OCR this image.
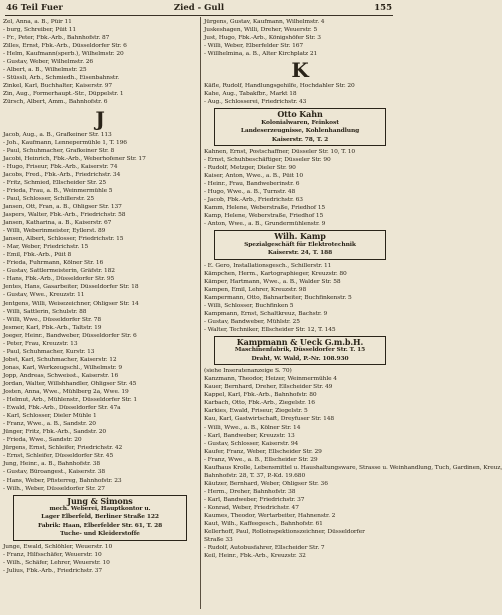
46 Teil Fuer	Zied - Gull	155
Zel, Anna, a. B., Püir 11
- burg, Schreiber, Püit 11
- Fr., Peter, Fbk.-Arb., Bahnhofstr. 87
Zilles, Ernst, Fbk.-Arb., Düsseldorfer Str. 6
- Helm, Kaufmann(sperb.), Wilhelmstr. 20
- Gustav, Weber, Wilhelmstr. 26
- Albert, a. B., Wilhelmstr. 25
- Stüssli, Arb., Schmiedh., Eisenbahnstr.
Zinkel, Karl, Buchhalter, Kaiserstr. 97
Zin, Aug., Formerhaupt.-Str., Düppelstr. 1
Zürsch, Albert, Amm., Bahnhofstr. 6
J
Jacob, Aug., a. B., Grafkeiner Str. 113
- Joh., Kaufmann, Lennepermühle 1, T. 196
- Paul, Schuhmacher, Grafkeiner Str. 8
Jacobi, Heinrich, Fbk.-Arb., Weberhofener Str. 17
- Hugo, Friseur, Fbk.-Arb., Kaiserstr. 74
Jacobs, Fred., Fbk.-Arb., Friedrichstr. 34
- Fritz, Schmied, Ellscheider Str. 25
- Frieda, Frau, a. B., Weinmermühle 5
- Paul, Schlosser, Schillerstr. 25
Jansen, Ott, Fran, a. B., Ohligser Str. 137
Jaspers, Walter, Fbk.-Arb., Friedrichstr. 58
Jansen, Katharina, a. B., Kaiserstr. 67
- Willi, Weberinmeister, Eyllerst. 89
Jansen, Albert, Schlosser, Friedrichstr. 15
- Mar, Weber, Friedrichstr. 15
- Emil, Fbk.-Arb., Püit 8
- Frieda, Fuhrmann, Kölner Str. 16
- Gustav, Sattlermeisterin, Gräfstr. 182
- Hans, Fbk.-Arb., Düsseldorfer Str. 95
Jentes, Hans, Gasarbeiter, Düsseldorfer Str. 18
- Gustav, Wwe., Kreuzstr. 11
Jentgens, Willi, Weisezeichner, Ohligser Str. 14
- Willi, Sattlerin, Schulstr. 88
- Willi, Wwe., Düsseldorfer Str. 78
Jesmer, Karl, Fbk.-Arb., Taltstr. 19
Joeger, Heinr., Bandweber, Düsseldorfer Str. 6
- Peter, Frau, Kreuzstr. 13
- Paul, Schuhmacher, Kurstr. 13
Jobst, Karl, Schuhmacher, Kaiserstr. 12
Jonas, Karl, Werkzeugschl., Wilhelmstr. 9
Jopp, Andreas, Schweisst., Kaiserstr. 16
Jordan, Walter, Willshhandler, Ohligser Str. 45
Josten, Anna, Wwe., Mühlberg 2a, Wwe. 19
- Helmut, Arb., Mühlenstr., Düsseldorfer Str. 1
- Ewald, Fbk.-Arb., Düsseldorfer Str. 47a
- Karl, Schlosser, Dieler Mühle 1
- Franz, Wwe., a. B., Sandstr. 20
Jünger, Fritz, Fbk.-Arb., Sandstr. 20
- Frieda, Wwe., Sandstr. 20
Jürgens, Ernst, Schleifer, Friedrichstr. 42
- Ernst, Schleifer, Düsseldorfer Str. 45
Jung, Heinr., a. B., Bahnhofstr. 38
- Gustav, Büroangest., Kaiserstr. 38
- Hans, Weber, Pfisterreg, Bahnhofstr. 23
- Wilh., Weber, Düsseldorfer Str. 27
Jung & Simons
mech. Weberei, Hauptkontor u.
Lager Elberfeld, Berliner Straße 122
Fabrik: Haan, Elberfelder Str. 61, T. 28
Tuche- und Kleiderstoffe
Junge, Ewald, Schlöhler, Weuerstr. 10
- Franz, Hilfsschäfer, Weuerstr. 10
- Wilh., Schäfer, Lehrer, Weuerstr. 10
- Julius, Fbk.-Arb., Friedrichstr. 37
Jürgens, Gustav, Kaufmann, Wilhelmstr. 4
Juskeshagen, Willi, Dreher, Weuerstr. 5
Just, Hugo, Fbk.-Arb., Königshöfer Str. 3
- Willi, Weber, Elberfelder Str. 167
- Willhelmina, a. B., Alter Kirchplatz 21
K
Käfle, Rudolf, Handlungsgehilfe, Hochdahler Str. 20
Kahe, Aug., Tabakfbr., Markt 18
- Aug., Schlosserei, Friedrichstr. 43
Otto Kahn
Kolonialwaren, Feinkost
Landeserzeugnisse, Kohlenhandlung
Kaiserstr. 78, T. 2
Kahnen, Ernst, Postschaffner, Düsseler Str. 10, T. 10
- Ernst, Schuhbeschäftiger, Düsseler Str. 90
- Rudolf, Metzger, Dieler Str. 90
Kaiser, Anton, Wwe., a. B., Püit 10
- Heinr., Frau, Bandweberinstr. 6
- Hugo, Wwe., a. B., Turnstr. 48
- Jacob, Fbk.-Arb., Friedrichstr. 63
Kamm, Helene, Weberstraße, Friedhof 15
Kamp, Helene, Weberstraße, Friedhof 15
- Anton, Wwe., a. B., Grundermühlenstr. 9
Wilh. Kamp
Spezialgeschäft für Elektrotechnik
Kaiserstr. 24, T. 188
- E. Gero, Installationsgesch., Schillerstr. 11
Kämpchen, Herm., Kartographieger, Kreuzstr. 80
Kämper, Hartmann, Wwe., a. B., Walder Str. 58
Kampen, Emil, Lehrer, Kreuzstr. 98
Kampermann, Otto, Bahnarbeiter, Buchfinkenstr. 5
- Willi, Schlosser, Buchfinken 5
Kampmann, Ernst, Schaltkreuz, Bachstr. 9
- Gustav, Bandweber, Mühlstr. 25
- Walter, Techniker, Ellscheider Str. 12, T. 145
Kampmann & Ueck G.m.b.H.
Maschinenfabrik, Düsseldorfer Str. T. 15
Draht, W. Wald, P.-Nr. 108.930
(siehe Inseratenanzeige S. 70)
Kanzmann, Theodor, Heizer, Weinmermühle 4
Kauer, Bernhard, Dreher, Ellscheider Str. 49
Kappel, Karl, Fbk.-Arb., Bahnhofstr. 80
Karbach, Otto, Fbk.-Arb., Ziegelstr. 16
Karkies, Ewald, Friseur, Ziegelstr. 5
Kau, Karl, Gastwirtschaft, Dreyfuser Str. 148
- Willi, Wwe., a. B., Kölner Str. 14
- Karl, Bandweber, Kreuzstr. 13
- Gustav, Schlosser, Kaiserstr. 94
Kaufer, Franz, Weber, Ellscheider Str. 29
- Franz, Wwe., a. B., Ellscheider Str. 29
Kaufhaus Krolle, Lebensmittel u. Haushaltungsware, Strasse u. Weinhandlung, Tuch, Gardinen, Kreuz,
Bahnhofstr. 28, T. 37, P.-Kd. 19.680
Käutzer, Bernhard, Weber, Ohligser Str. 36
- Herm., Dreher, Bahnhofstr. 38
- Karl, Bandweber, Friedrichstr. 37
- Konrad, Weber, Friedrichstr. 47
Kaumes, Theodor, Wertarbeiter, Hahnenstr. 2
Kaut, Wilh., Kaffeegesch., Bahnhofstr. 61
Kellerhoff, Paul, Rolloinspektionszeichner, Düsseldorfer
Straße 33
- Rudolf, Autobusfahrer, Ellscheider Str. 7
Keil, Heinr., Fbk.-Arb., Kreuzstr. 32
